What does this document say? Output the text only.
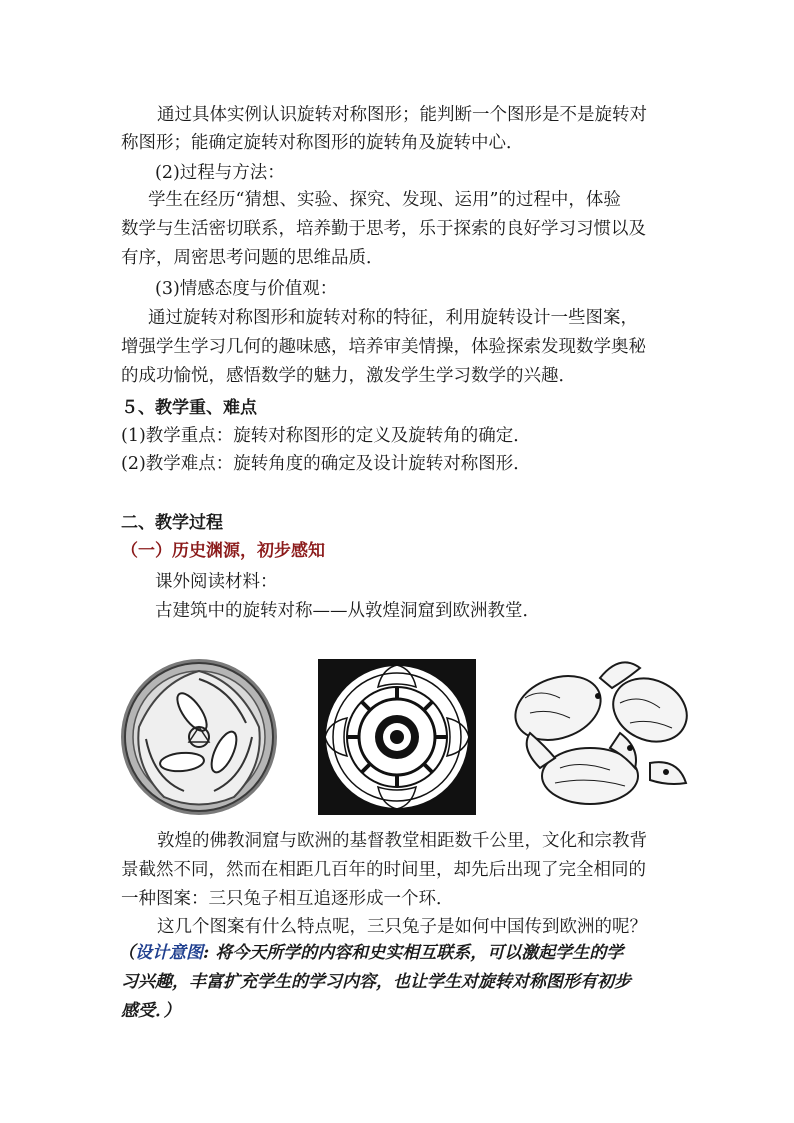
通过具体实例认识旋转对称图形；能判断一个图形是不是旋转对
称图形；能确定旋转对称图形的旋转角及旋转中心．
(2)过程与方法：
学生在经历“猜想、实验、探究、发现、运用”的过程中，体验
数学与生活密切联系，培养勤于思考，乐于探索的良好学习习惯以及
有序，周密思考问题的思维品质．
(3)情感态度与价值观：
通过旋转对称图形和旋转对称的特征，利用旋转设计一些图案，
增强学生学习几何的趣味感，培养审美情操，体验探索发现数学奥秘
的成功愉悦，感悟数学的魅力，激发学生学习数学的兴趣．
５、教学重、难点
(1)教学重点：旋转对称图形的定义及旋转角的确定．
(2)教学难点：旋转角度的确定及设计旋转对称图形．
二、教学过程
（一）历史渊源，初步感知
课外阅读材料：
古建筑中的旋转对称——从敦煌洞窟到欧洲教堂．
敦煌的佛教洞窟与欧洲的基督教堂相距数千公里，文化和宗教背
景截然不同，然而在相距几百年的时间里，却先后出现了完全相同的
一种图案：三只兔子相互追逐形成一个环．
这几个图案有什么特点呢，三只兔子是如何中国传到欧洲的呢？
（设计意图: 将今天所学的内容和史实相互联系，可以激起学生的学
习兴趣，丰富扩充学生的学习内容，也让学生对旋转对称图形有初步
感受．）
